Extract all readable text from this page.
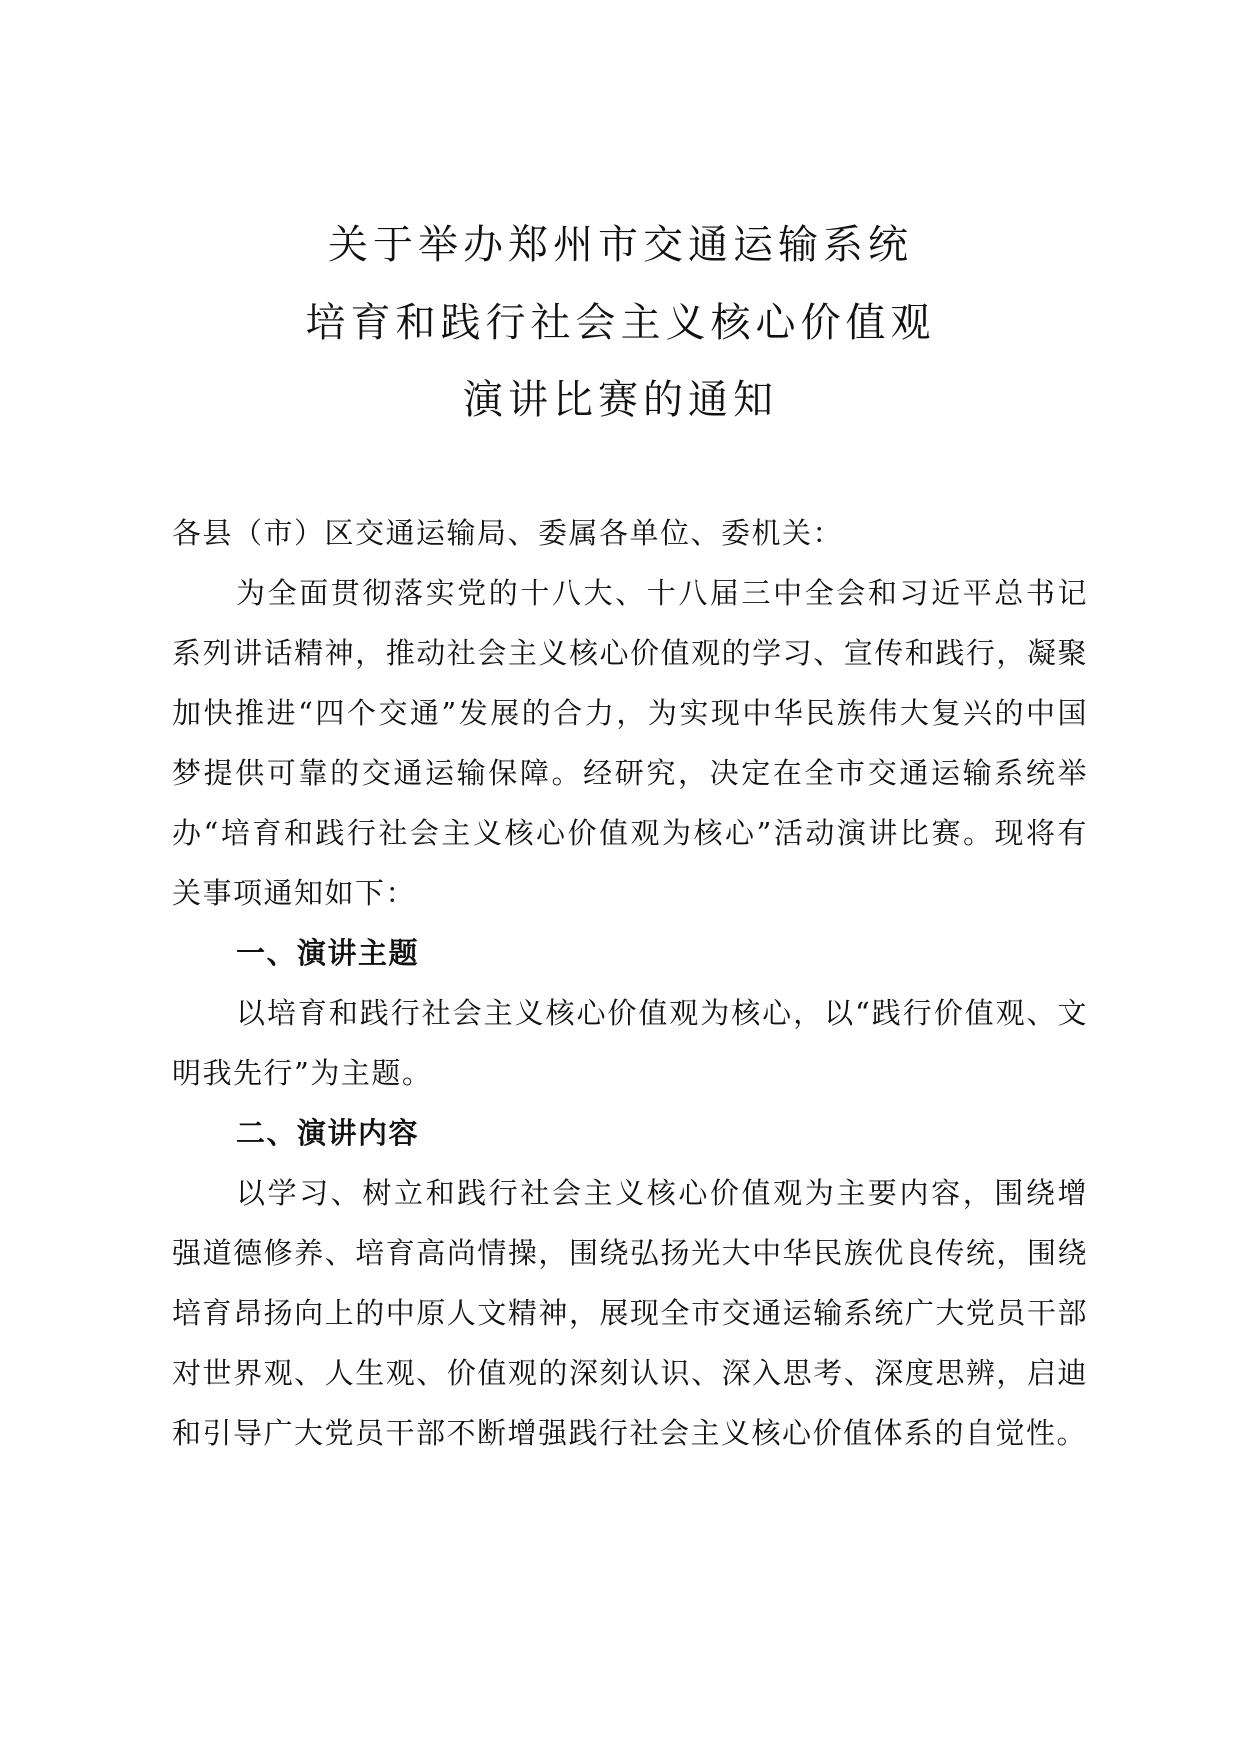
关于举办郑州市交通运输系统
培育和践行社会主义核心价值观
演讲比赛的通知

各县（市）区交通运输局、委属各单位、委机关：

为全面贯彻落实党的十八大、十八届三中全会和习近平总书记系列讲话精神，推动社会主义核心价值观的学习、宣传和践行，凝聚加快推进“四个交通”发展的合力，为实现中华民族伟大复兴的中国梦提供可靠的交通运输保障。经研究，决定在全市交通运输系统举办“培育和践行社会主义核心价值观为核心”活动演讲比赛。现将有关事项通知如下：

一、演讲主题

以培育和践行社会主义核心价值观为核心，以“践行价值观、文明我先行”为主题。

二、演讲内容

以学习、树立和践行社会主义核心价值观为主要内容，围绕增强道德修养、培育高尚情操，围绕弘扬光大中华民族优良传统，围绕培育昂扬向上的中原人文精神，展现全市交通运输系统广大党员干部对世界观、人生观、价值观的深刻认识、深入思考、深度思辨，启迪和引导广大党员干部不断增强践行社会主义核心价值体系的自觉性。
